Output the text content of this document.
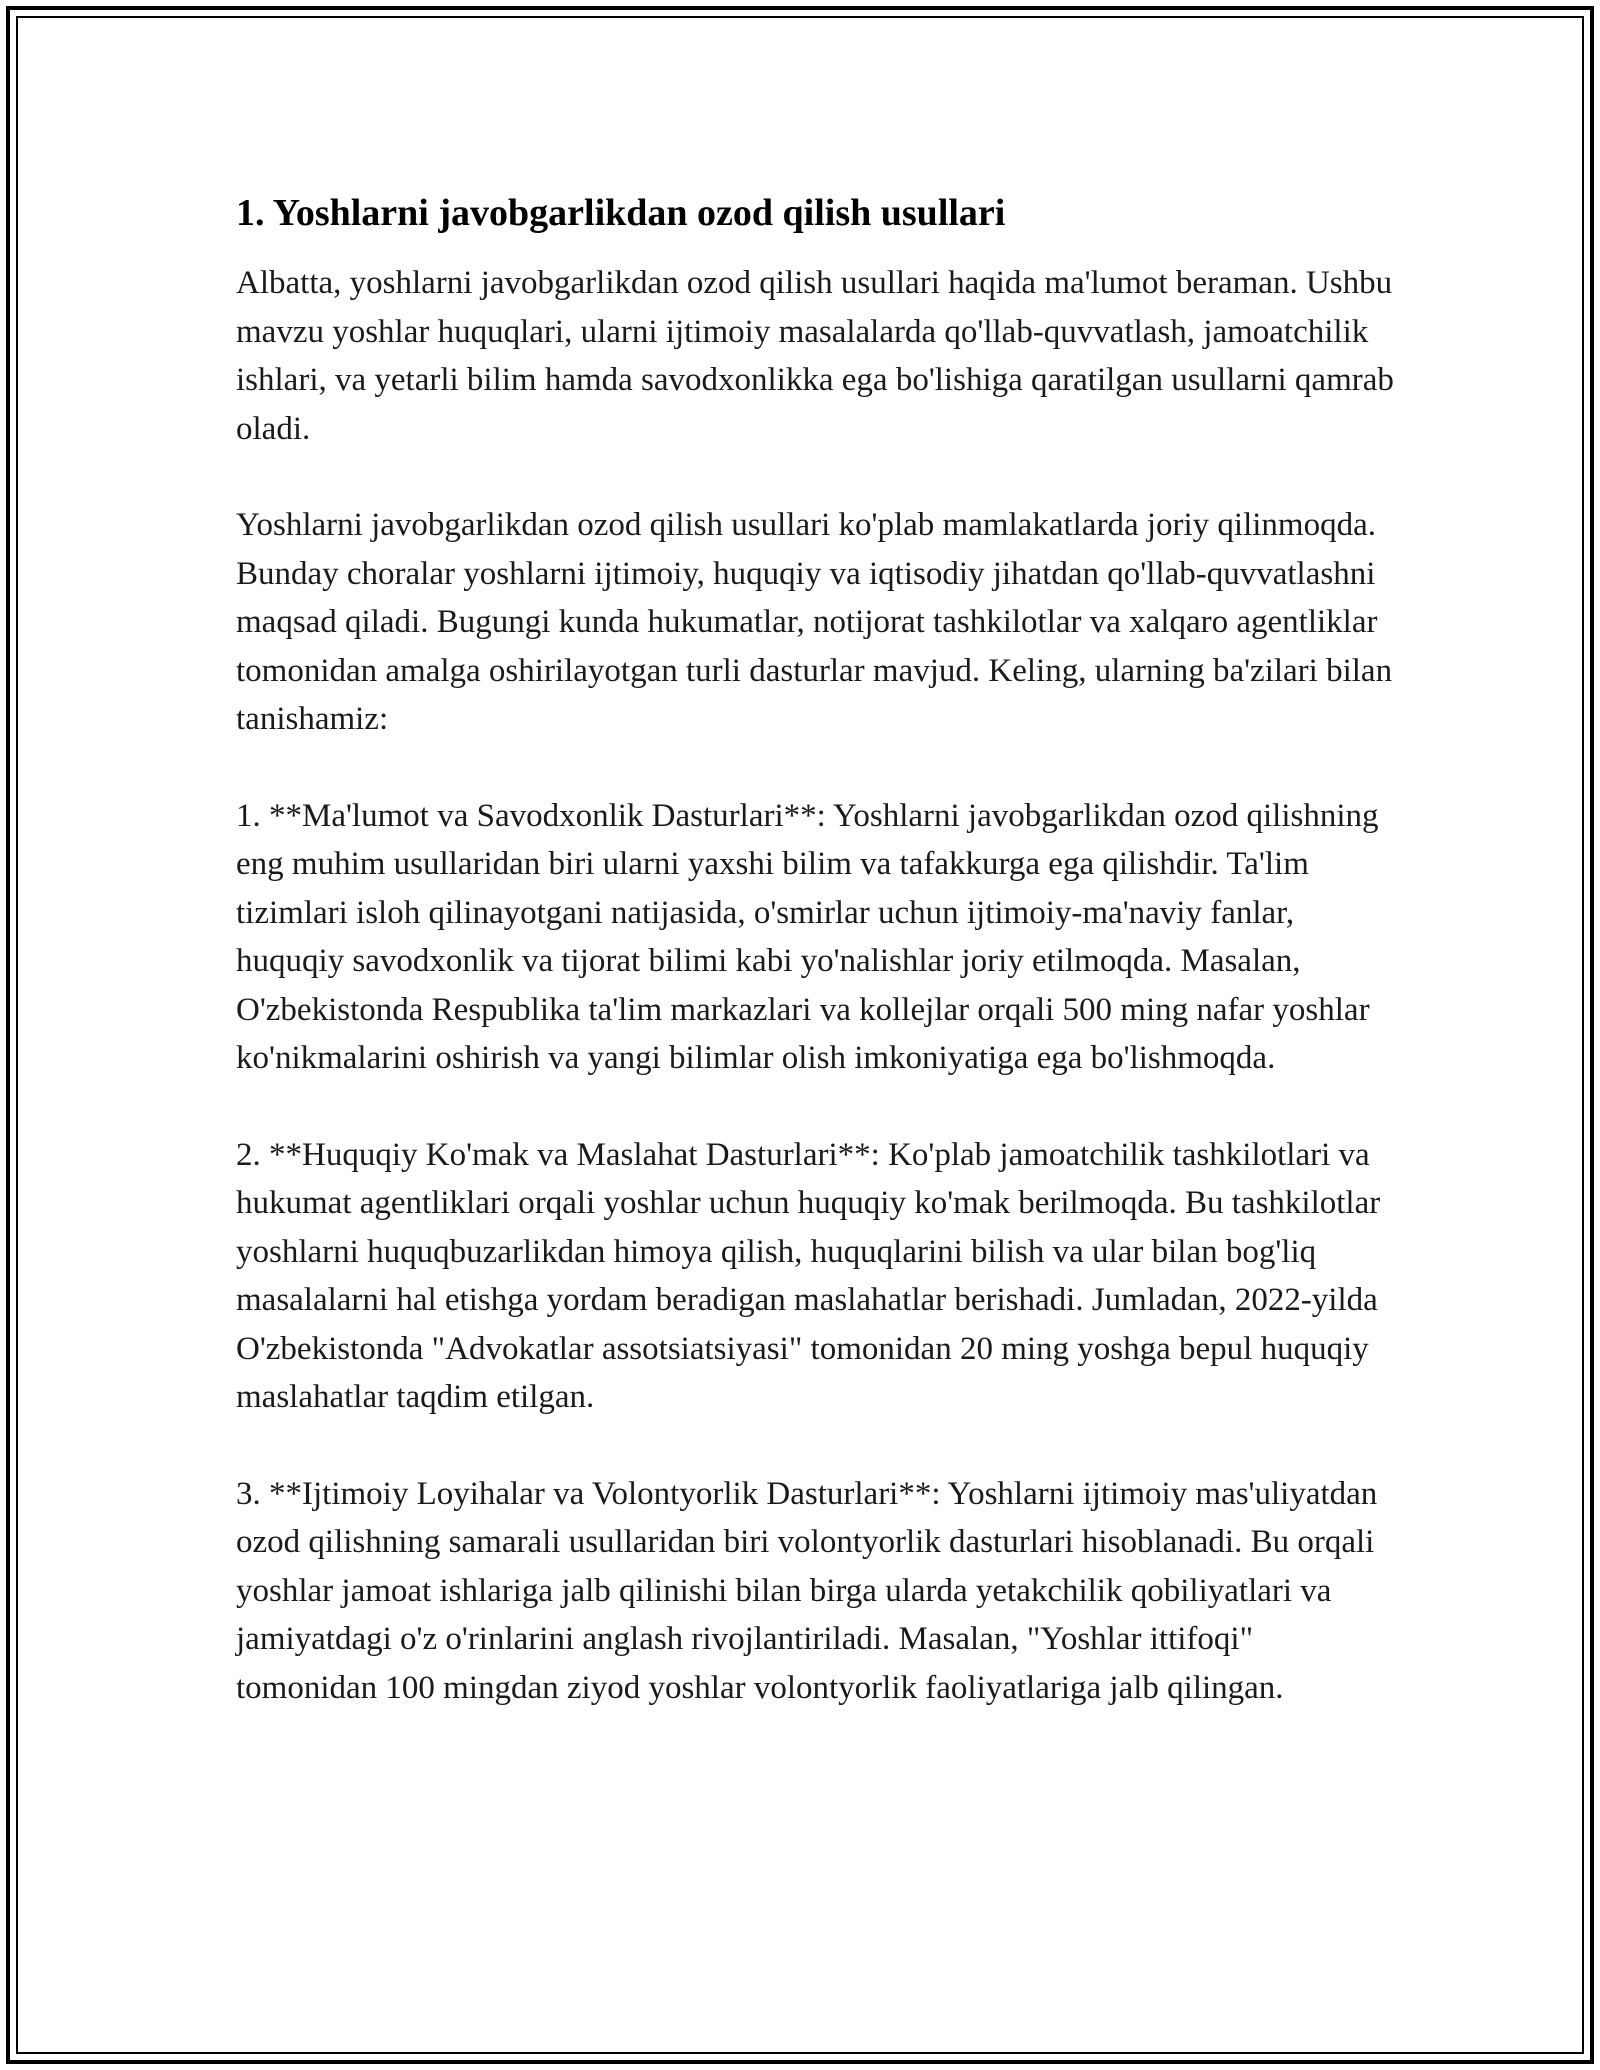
1. Yoshlarni javobgarlikdan ozod qilish usullari

Albatta, yoshlarni javobgarlikdan ozod qilish usullari haqida ma'lumot beraman. Ushbu mavzu yoshlar huquqlari, ularni ijtimoiy masalalarda qo'llab-quvvatlash, jamoatchilik ishlari, va yetarli bilim hamda savodxonlikka ega bo'lishiga qaratilgan usullarni qamrab oladi.

Yoshlarni javobgarlikdan ozod qilish usullari ko'plab mamlakatlarda joriy qilinmoqda. Bunday choralar yoshlarni ijtimoiy, huquqiy va iqtisodiy jihatdan qo'llab-quvvatlashni maqsad qiladi. Bugungi kunda hukumatlar, notijorat tashkilotlar va xalqaro agentliklar tomonidan amalga oshirilayotgan turli dasturlar mavjud. Keling, ularning ba'zilari bilan tanishamiz:

1. **Ma'lumot va Savodxonlik Dasturlari**: Yoshlarni javobgarlikdan ozod qilishning eng muhim usullaridan biri ularni yaxshi bilim va tafakkurga ega qilishdir. Ta'lim tizimlari isloh qilinayotgani natijasida, o'smirlar uchun ijtimoiy-ma'naviy fanlar, huquqiy savodxonlik va tijorat bilimi kabi yo'nalishlar joriy etilmoqda. Masalan, O'zbekistonda Respublika ta'lim markazlari va kollejlar orqali 500 ming nafar yoshlar ko'nikmalarini oshirish va yangi bilimlar olish imkoniyatiga ega bo'lishmoqda.

2. **Huquqiy Ko'mak va Maslahat Dasturlari**: Ko'plab jamoatchilik tashkilotlari va hukumat agentliklari orqali yoshlar uchun huquqiy ko'mak berilmoqda. Bu tashkilotlar yoshlarni huquqbuzarlikdan himoya qilish, huquqlarini bilish va ular bilan bog'liq masalalarni hal etishga yordam beradigan maslahatlar berishadi. Jumladan, 2022-yilda O'zbekistonda "Advokatlar assotsiatsiyasi" tomonidan 20 ming yoshga bepul huquqiy maslahatlar taqdim etilgan.

3. **Ijtimoiy Loyihalar va Volontyorlik Dasturlari**: Yoshlarni ijtimoiy mas'uliyatdan ozod qilishning samarali usullaridan biri volontyorlik dasturlari hisoblanadi. Bu orqali yoshlar jamoat ishlariga jalb qilinishi bilan birga ularda yetakchilik qobiliyatlari va jamiyatdagi o'z o'rinlarini anglash rivojlantiriladi. Masalan, "Yoshlar ittifoqi" tomonidan 100 mingdan ziyod yoshlar volontyorlik faoliyatlariga jalb qilingan.
